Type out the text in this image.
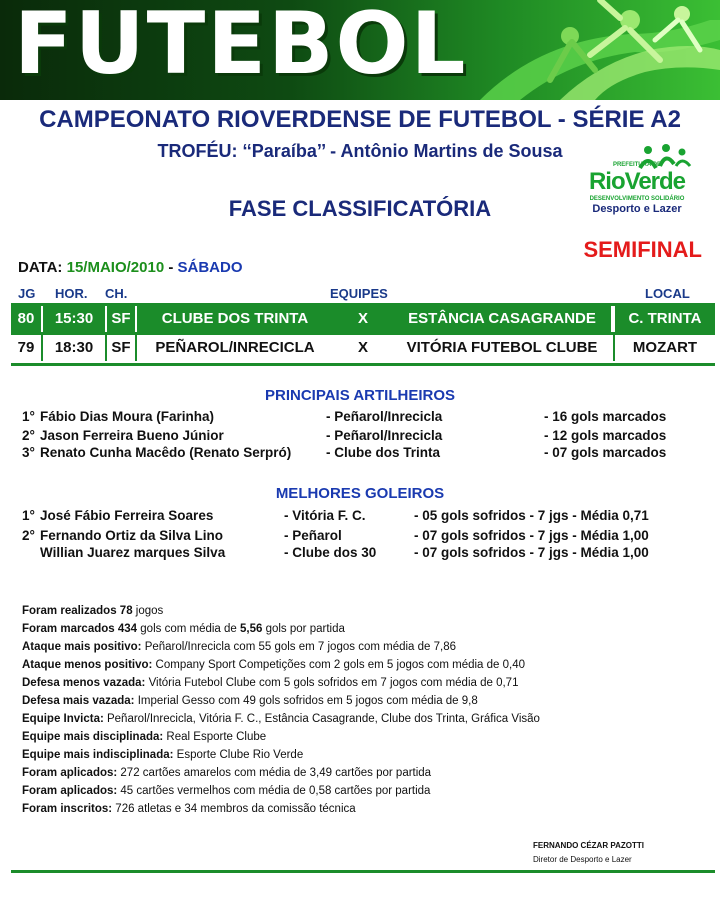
FUTEBOL
CAMPEONATO RIOVERDENSE DE FUTEBOL - SÉRIE A2
TROFÉU: ‘‘Paraíba’’ - Antônio Martins de Sousa
PREFEITURA DE
RioVerde
DESENVOLVIMENTO SOLIDÁRIO
Desporto e Lazer
FASE CLASSIFICATÓRIA
SEMIFINAL
DATA: 15/MAIO/2010 - SÁBADO
JG HOR. CH.	EQUIPES	LOCAL
80	15:30	SF	CLUBE DOS TRINTA	X	ESTÂNCIA CASAGRANDE	C. TRINTA
79	18:30	SF	PEÑAROL/INRECICLA	X	VITÓRIA FUTEBOL CLUBE	MOZART
PRINCIPAIS ARTILHEIROS
1° Fábio Dias Moura (Farinha)	- Peñarol/Inrecicla	- 16 gols marcados
2° Jason Ferreira Bueno Júnior	- Peñarol/Inrecicla	- 12 gols marcados
3° Renato Cunha Macêdo (Renato Serpró)	- Clube dos Trinta	- 07 gols marcados
MELHORES GOLEIROS
1° José Fábio Ferreira Soares	- Vitória F. C.	- 05 gols sofridos - 7 jgs - Média 0,71
2° Fernando Ortiz da Silva Lino	- Peñarol	- 07 gols sofridos - 7 jgs - Média 1,00
Willian Juarez marques Silva	- Clube dos 30	- 07 gols sofridos - 7 jgs - Média 1,00
Foram realizados 78 jogos
Foram marcados 434 gols com média de 5,56 gols por partida
Ataque mais positivo: Peñarol/Inrecicla com 55 gols em 7 jogos com média de 7,86
Ataque menos positivo: Company Sport Competições com 2 gols em 5 jogos com média de 0,40
Defesa menos vazada: Vitória Futebol Clube com 5 gols sofridos em 7 jogos com média de 0,71
Defesa mais vazada: Imperial Gesso com 49 gols sofridos em 5 jogos com média de 9,8
Equipe Invicta: Peñarol/Inrecicla, Vitória F. C., Estância Casagrande, Clube dos Trinta, Gráfica Visão
Equipe mais disciplinada: Real Esporte Clube
Equipe mais indisciplinada: Esporte Clube Rio Verde
Foram aplicados: 272 cartões amarelos com média de 3,49 cartões por partida
Foram aplicados: 45 cartões vermelhos com média de 0,58 cartões por partida
Foram inscritos: 726 atletas e 34 membros da comissão técnica
FERNANDO CÉZAR PAZOTTI
Diretor de Desporto e Lazer
